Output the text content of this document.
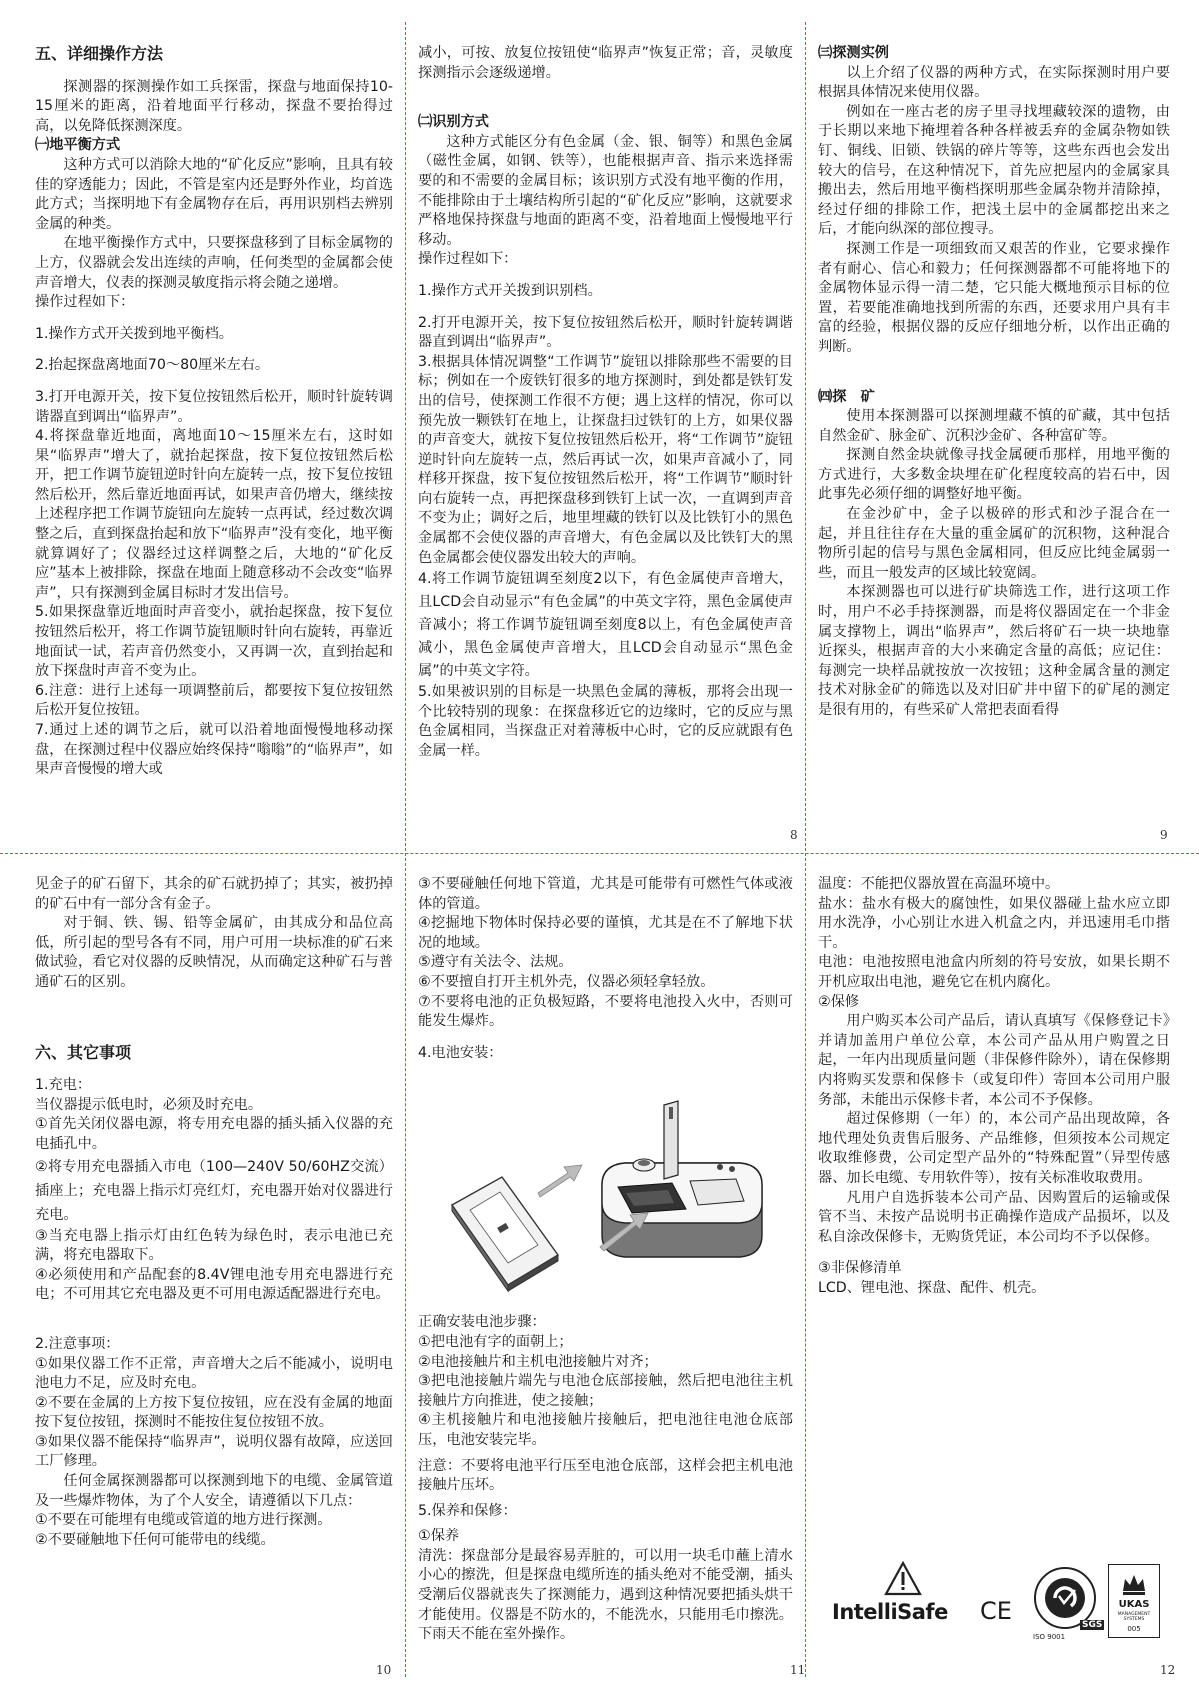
五、详细操作方法

探测器的探测操作如工兵探雷，探盘与地面保持10-15厘米的距离，沿着地面平行移动，探盘不要抬得过高，以免降低探测深度。

㈠地平衡方式

这种方式可以消除大地的“矿化反应”影响，且具有较佳的穿透能力；因此，不管是室内还是野外作业，均首选此方式；当探明地下有金属物存在后，再用识别档去辨别金属的种类。

在地平衡操作方式中，只要探盘移到了目标金属物的上方，仪器就会发出连续的声响，任何类型的金属都会使声音增大，仪表的探测灵敏度指示将会随之递增。

操作过程如下：

1.操作方式开关拨到地平衡档。

2.抬起探盘离地面70～80厘米左右。

3.打开电源开关，按下复位按钮然后松开，顺时针旋转调谐器直到调出“临界声”。

4.将探盘靠近地面，离地面10～15厘米左右，这时如果“临界声”增大了，就抬起探盘，按下复位按钮然后松开，把工作调节旋钮逆时针向左旋转一点，按下复位按钮然后松开，然后靠近地面再试，如果声音仍增大，继续按上述程序把工作调节旋钮向左旋转一点再试，经过数次调整之后，直到探盘抬起和放下“临界声”没有变化，地平衡就算调好了；仪器经过这样调整之后，大地的“矿化反应”基本上被排除，探盘在地面上随意移动不会改变“临界声”，只有探测到金属目标时才发出信号。

5.如果探盘靠近地面时声音变小，就抬起探盘，按下复位按钮然后松开，将工作调节旋钮顺时针向右旋转，再靠近地面试一试，若声音仍然变小，又再调一次，直到抬起和放下探盘时声音不变为止。

6.注意：进行上述每一项调整前后，都要按下复位按钮然后松开复位按钮。

7.通过上述的调节之后，就可以沿着地面慢慢地移动探盘，在探测过程中仪器应始终保持“嗡嗡”的“临界声”，如果声音慢慢的增大或

减小，可按、放复位按钮使“临界声”恢复正常；音，灵敏度探测指示会逐级递增。

㈡识别方式

这种方式能区分有色金属（金、银、铜等）和黑色金属（磁性金属，如钢、铁等），也能根据声音、指示来选择需要的和不需要的金属目标；该识别方式没有地平衡的作用，不能排除由于土壤结构所引起的“矿化反应”影响，这就要求严格地保持探盘与地面的距离不变，沿着地面上慢慢地平行移动。

操作过程如下：

1.操作方式开关拨到识别档。

2.打开电源开关，按下复位按钮然后松开，顺时针旋转调谐器直到调出“临界声”。

3.根据具体情况调整“工作调节”旋钮以排除那些不需要的目标；例如在一个废铁钉很多的地方探测时，到处都是铁钉发出的信号，使探测工作很不方便；遇上这样的情况，你可以预先放一颗铁钉在地上，让探盘扫过铁钉的上方，如果仪器的声音变大，就按下复位按钮然后松开，将“工作调节”旋钮逆时针向左旋转一点，然后再试一次，如果声音减小了，同样移开探盘，按下复位按钮然后松开，将“工作调节”顺时针向右旋转一点，再把探盘移到铁钉上试一次，一直调到声音不变为止；调好之后，地里埋藏的铁钉以及比铁钉小的黑色金属都不会使仪器的声音增大，有色金属以及比铁钉大的黑色金属都会使仪器发出较大的声响。

4.将工作调节旋钮调至刻度2以下，有色金属使声音增大，且LCD会自动显示“有色金属”的中英文字符，黑色金属使声音减小；将工作调节旋钮调至刻度8以上，有色金属使声音减小，黑色金属使声音增大，且LCD会自动显示“黑色金属”的中英文字符。

5.如果被识别的目标是一块黑色金属的薄板，那将会出现一个比较特别的现象：在探盘移近它的边缘时，它的反应与黑色金属相同，当探盘正对着薄板中心时，它的反应就跟有色金属一样。

8

㈢探测实例

以上介绍了仪器的两种方式，在实际探测时用户要根据具体情况来使用仪器。

例如在一座古老的房子里寻找埋藏较深的遗物，由于长期以来地下掩埋着各种各样被丢弃的金属杂物如铁钉、铜线、旧锁、铁锅的碎片等等，这些东西也会发出较大的信号，在这种情况下，首先应把屋内的金属家具搬出去，然后用地平衡档探明那些金属杂物并清除掉，经过仔细的排除工作，把浅土层中的金属都挖出来之后，才能向纵深的部位搜寻。

探测工作是一项细致而又艰苦的作业，它要求操作者有耐心、信心和毅力；任何探测器都不可能将地下的金属物体显示得一清二楚，它只能大概地预示目标的位置，若要能准确地找到所需的东西，还要求用户具有丰富的经验，根据仪器的反应仔细地分析，以作出正确的判断。

㈣探　矿

使用本探测器可以探测埋藏不慎的矿藏，其中包括自然金矿、脉金矿、沉积沙金矿、各种富矿等。

探测自然金块就像寻找金属硬币那样，用地平衡的方式进行，大多数金块埋在矿化程度较高的岩石中，因此事先必须仔细的调整好地平衡。

在金沙矿中，金子以极碎的形式和沙子混合在一起，并且往往存在大量的重金属矿的沉积物，这种混合物所引起的信号与黑色金属相同，但反应比纯金属弱一些，而且一般发声的区域比较宽阔。

本探测器也可以进行矿块筛选工作，进行这项工作时，用户不必手持探测器，而是将仪器固定在一个非金属支撑物上，调出“临界声”，然后将矿石一块一块地靠近探头，根据声音的大小来确定含量的高低；应记住：每测完一块样品就按放一次按钮；这种金属含量的测定技术对脉金矿的筛选以及对旧矿井中留下的矿尾的测定是很有用的，有些采矿人常把表面看得

9

见金子的矿石留下，其余的矿石就扔掉了；其实，被扔掉的矿石中有一部分含有金子。

对于铜、铁、锡、铅等金属矿，由其成分和品位高低，所引起的型号各有不同，用户可用一块标准的矿石来做试验，看它对仪器的反映情况，从而确定这种矿石与普通矿石的区别。

六、其它事项

1.充电：

当仪器提示低电时，必须及时充电。

①首先关闭仪器电源，将专用充电器的插头插入仪器的充电插孔中。

②将专用充电器插入市电（100—240V 50/60HZ交流）插座上；充电器上指示灯亮红灯，充电器开始对仪器进行充电。

③当充电器上指示灯由红色转为绿色时，表示电池已充满，将充电器取下。

④必须使用和产品配套的8.4V锂电池专用充电器进行充电；不可用其它充电器及更不可用电源适配器进行充电。

2.注意事项：

①如果仪器工作不正常，声音增大之后不能减小，说明电池电力不足，应及时充电。

②不要在金属的上方按下复位按钮，应在没有金属的地面按下复位按钮，探测时不能按住复位按钮不放。

③如果仪器不能保持“临界声”，说明仪器有故障，应送回工厂修理。

任何金属探测器都可以探测到地下的电缆、金属管道及一些爆炸物体，为了个人安全，请遵循以下几点：

①不要在可能埋有电缆或管道的地方进行探测。

②不要碰触地下任何可能带电的线缆。

10

③不要碰触任何地下管道，尤其是可能带有可燃性气体或液体的管道。

④挖掘地下物体时保持必要的谨慎，尤其是在不了解地下状况的地域。

⑤遵守有关法令、法规。

⑥不要擅自打开主机外壳，仪器必须轻拿轻放。

⑦不要将电池的正负极短路，不要将电池投入火中，否则可能发生爆炸。

4.电池安装：

正确安装电池步骤：

①把电池有字的面朝上；

②电池接触片和主机电池接触片对齐；

③把电池接触片端先与电池仓底部接触，然后把电池往主机接触片方向推进，使之接触；

④主机接触片和电池接触片接触后，把电池往电池仓底部压，电池安装完毕。

注意：不要将电池平行压至电池仓底部，这样会把主机电池接触片压坏。

5.保养和保修：

①保养

清洗：探盘部分是最容易弄脏的，可以用一块毛巾蘸上清水小心的擦洗，但是探盘电缆所连的插头绝对不能受潮，插头受潮后仪器就丧失了探测能力，遇到这种情况要把插头烘干才能使用。仪器是不防水的，不能洗水，只能用毛巾擦洗。下雨天不能在室外操作。

11

温度：不能把仪器放置在高温环境中。

盐水：盐水有极大的腐蚀性，如果仪器碰上盐水应立即用水洗净，小心别让水进入机盒之内，并迅速用毛巾揩干。

电池：电池按照电池盒内所刻的符号安放，如果长期不开机应取出电池，避免它在机内腐化。

②保修

用户购买本公司产品后，请认真填写《保修登记卡》并请加盖用户单位公章，本公司产品从用户购置之日起，一年内出现质量问题（非保修件除外），请在保修期内将购买发票和保修卡（或复印件）寄回本公司用户服务部，未能出示保修卡者，本公司不予保修。

超过保修期（一年）的，本公司产品出现故障，各地代理处负责售后服务、产品维修，但须按本公司规定收取维修费，公司定型产品外的“特殊配置”（异型传感器、加长电缆、专用软件等），按有关标准收取费用。

凡用户自选拆装本公司产品、因购置后的运输或保管不当、未按产品说明书正确操作造成产品损坏，以及私自涂改保修卡，无购货凭证，本公司均不予以保修。

③非保修清单

LCD、锂电池、探盘、配件、机壳。

IntelliSafe CE	SGS
ISO 9001
UKAS
MANAGEMENT SYSTEMS
005
12
